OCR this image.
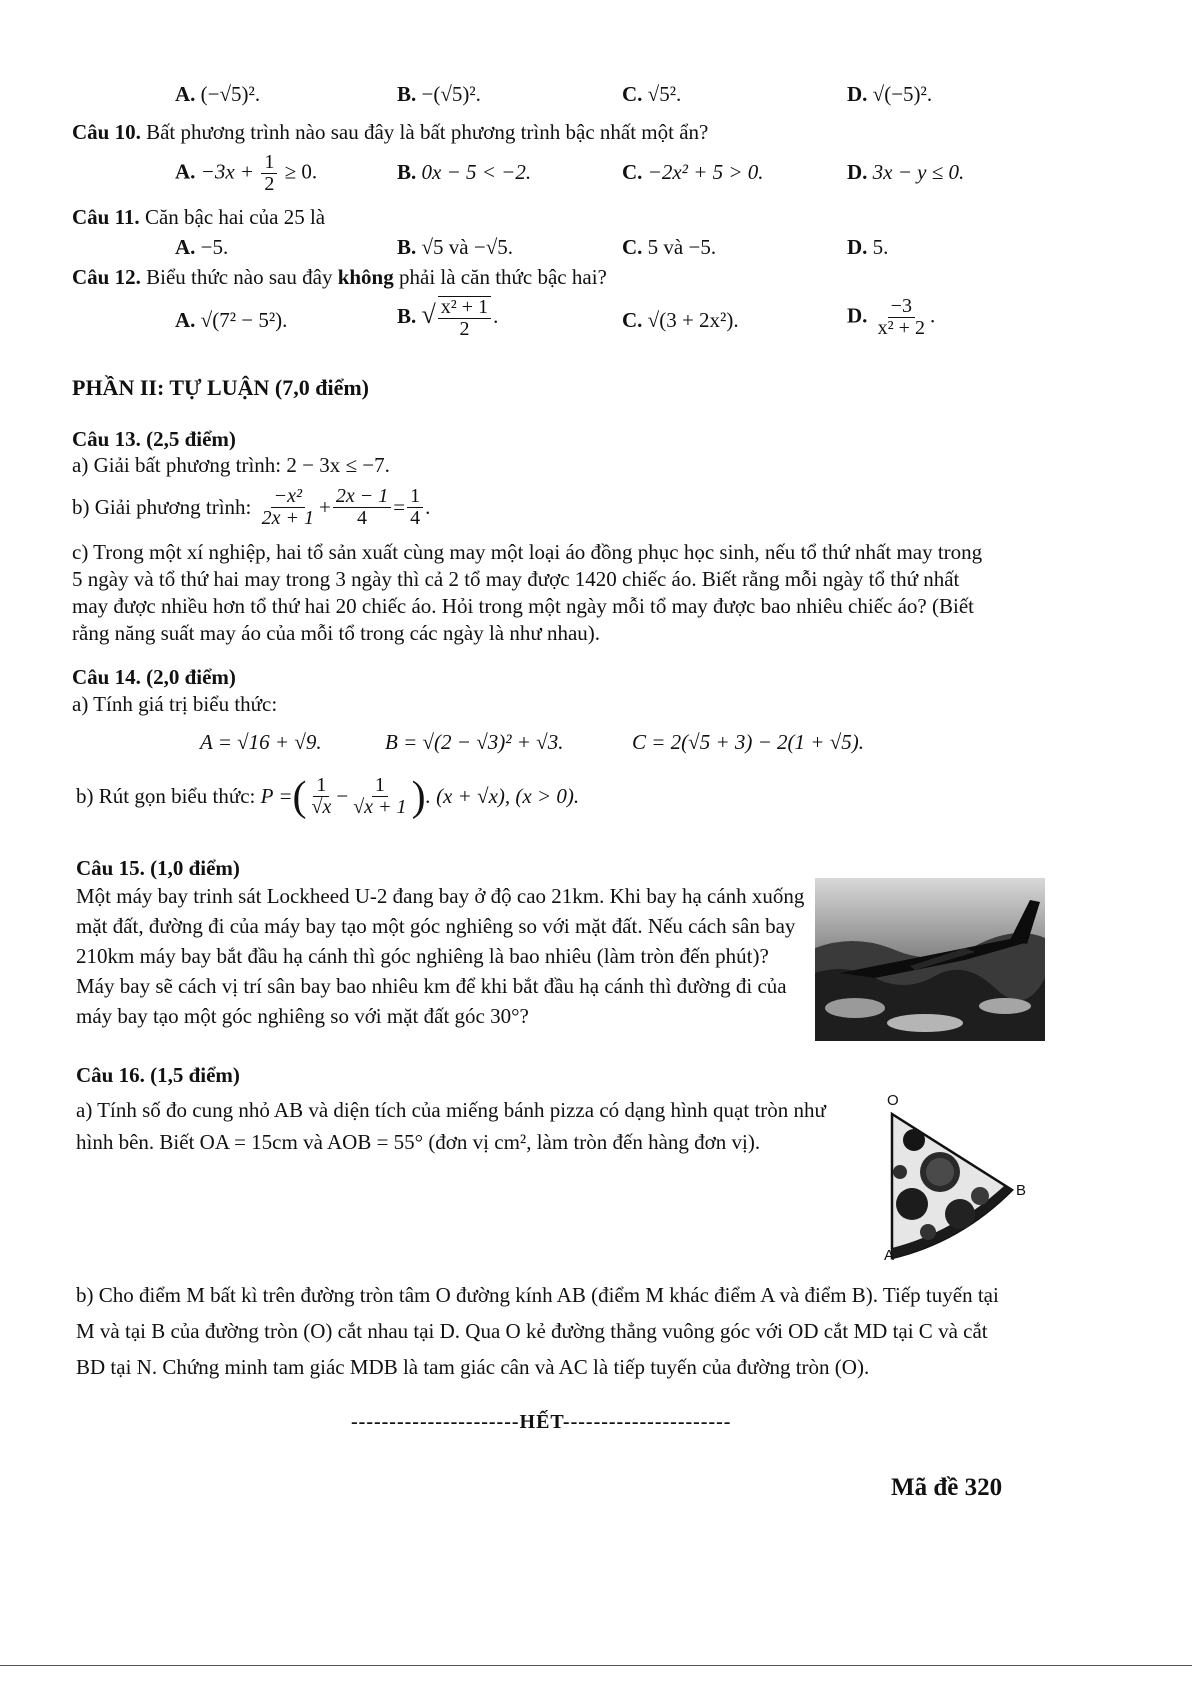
A. (−√5)².	B. −(√5)².	C. √5².	D. √(−5)².
Câu 10. Bất phương trình nào sau đây là bất phương trình bậc nhất một ẩn?
A. $-3x + \frac{1}{2} \ge 0$.	B. 0x − 5 < −2.	C. −2x² + 5 > 0.	D. 3x − y ≤ 0.
Câu 11. Căn bậc hai của 25 là
A. −5.	B. √5 và −√5.	C. 5 và −5.	D. 5.
Câu 12. Biểu thức nào sau đây không phải là căn thức bậc hai?
A. √(7² − 5²).	B. √ $\frac{\text{x² + 1}}{2}$ .	C. √(3 + 2x²).	D. $\frac{-3}{\text{x² + 2}}$ .
PHẦN II: TỰ LUẬN (7,0 điểm)
Câu 13. (2,5 điểm)
a) Giải bất phương trình: 2 − 3x ≤ −7.
b) Giải phương trình:
$\frac{\text{−x²}}{2x + 1} + \frac{2x - 1}{4} = \frac{1}{4}$ .
c) Trong một xí nghiệp, hai tổ sản xuất cùng may một loại áo đồng phục học sinh, nếu tổ thứ nhất may trong 5 ngày và tổ thứ hai may trong 3 ngày thì cả 2 tổ may được 1420 chiếc áo. Biết rằng mỗi ngày tổ thứ nhất may được nhiều hơn tổ thứ hai 20 chiếc áo. Hỏi trong một ngày mỗi tổ may được bao nhiêu chiếc áo? (Biết rằng năng suất may áo của mỗi tổ trong các ngày là như nhau).
Câu 14. (2,0 điểm)
a) Tính giá trị biểu thức:
A = √16 + √9.	B = √(2 − √3)² + √3.	C = 2(√5 + 3) − 2(1 + √5).
b) Rút gọn biểu thức:
P = ( $\frac{1}{√x} - \frac{1}{√x + 1}$ ) . (x + √x), (x > 0).
Câu 15. (1,0 điểm)
Một máy bay trinh sát Lockheed U-2 đang bay ở độ cao 21km. Khi bay hạ cánh xuống mặt đất, đường đi của máy bay tạo một góc nghiêng so với mặt đất. Nếu cách sân bay 210km máy bay bắt đầu hạ cánh thì góc nghiêng là bao nhiêu (làm tròn đến phút)? Máy bay sẽ cách vị trí sân bay bao nhiêu km để khi bắt đầu hạ cánh thì đường đi của máy bay tạo một góc nghiêng so với mặt đất góc 30°?
Câu 16. (1,5 điểm)
a) Tính số đo cung nhỏ AB và diện tích của miếng bánh pizza có dạng hình quạt tròn như hình bên. Biết OA = 15cm và AOB = 55° (đơn vị cm², làm tròn đến hàng đơn vị).
O
A
B
b) Cho điểm M bất kì trên đường tròn tâm O đường kính AB (điểm M khác điểm A và điểm B). Tiếp tuyến tại M và tại B của đường tròn (O) cắt nhau tại D. Qua O kẻ đường thẳng vuông góc với OD cắt MD tại C và cắt BD tại N. Chứng minh tam giác MDB là tam giác cân và AC là tiếp tuyến của đường tròn (O).
----------------------HẾT----------------------
Mã đề 320
